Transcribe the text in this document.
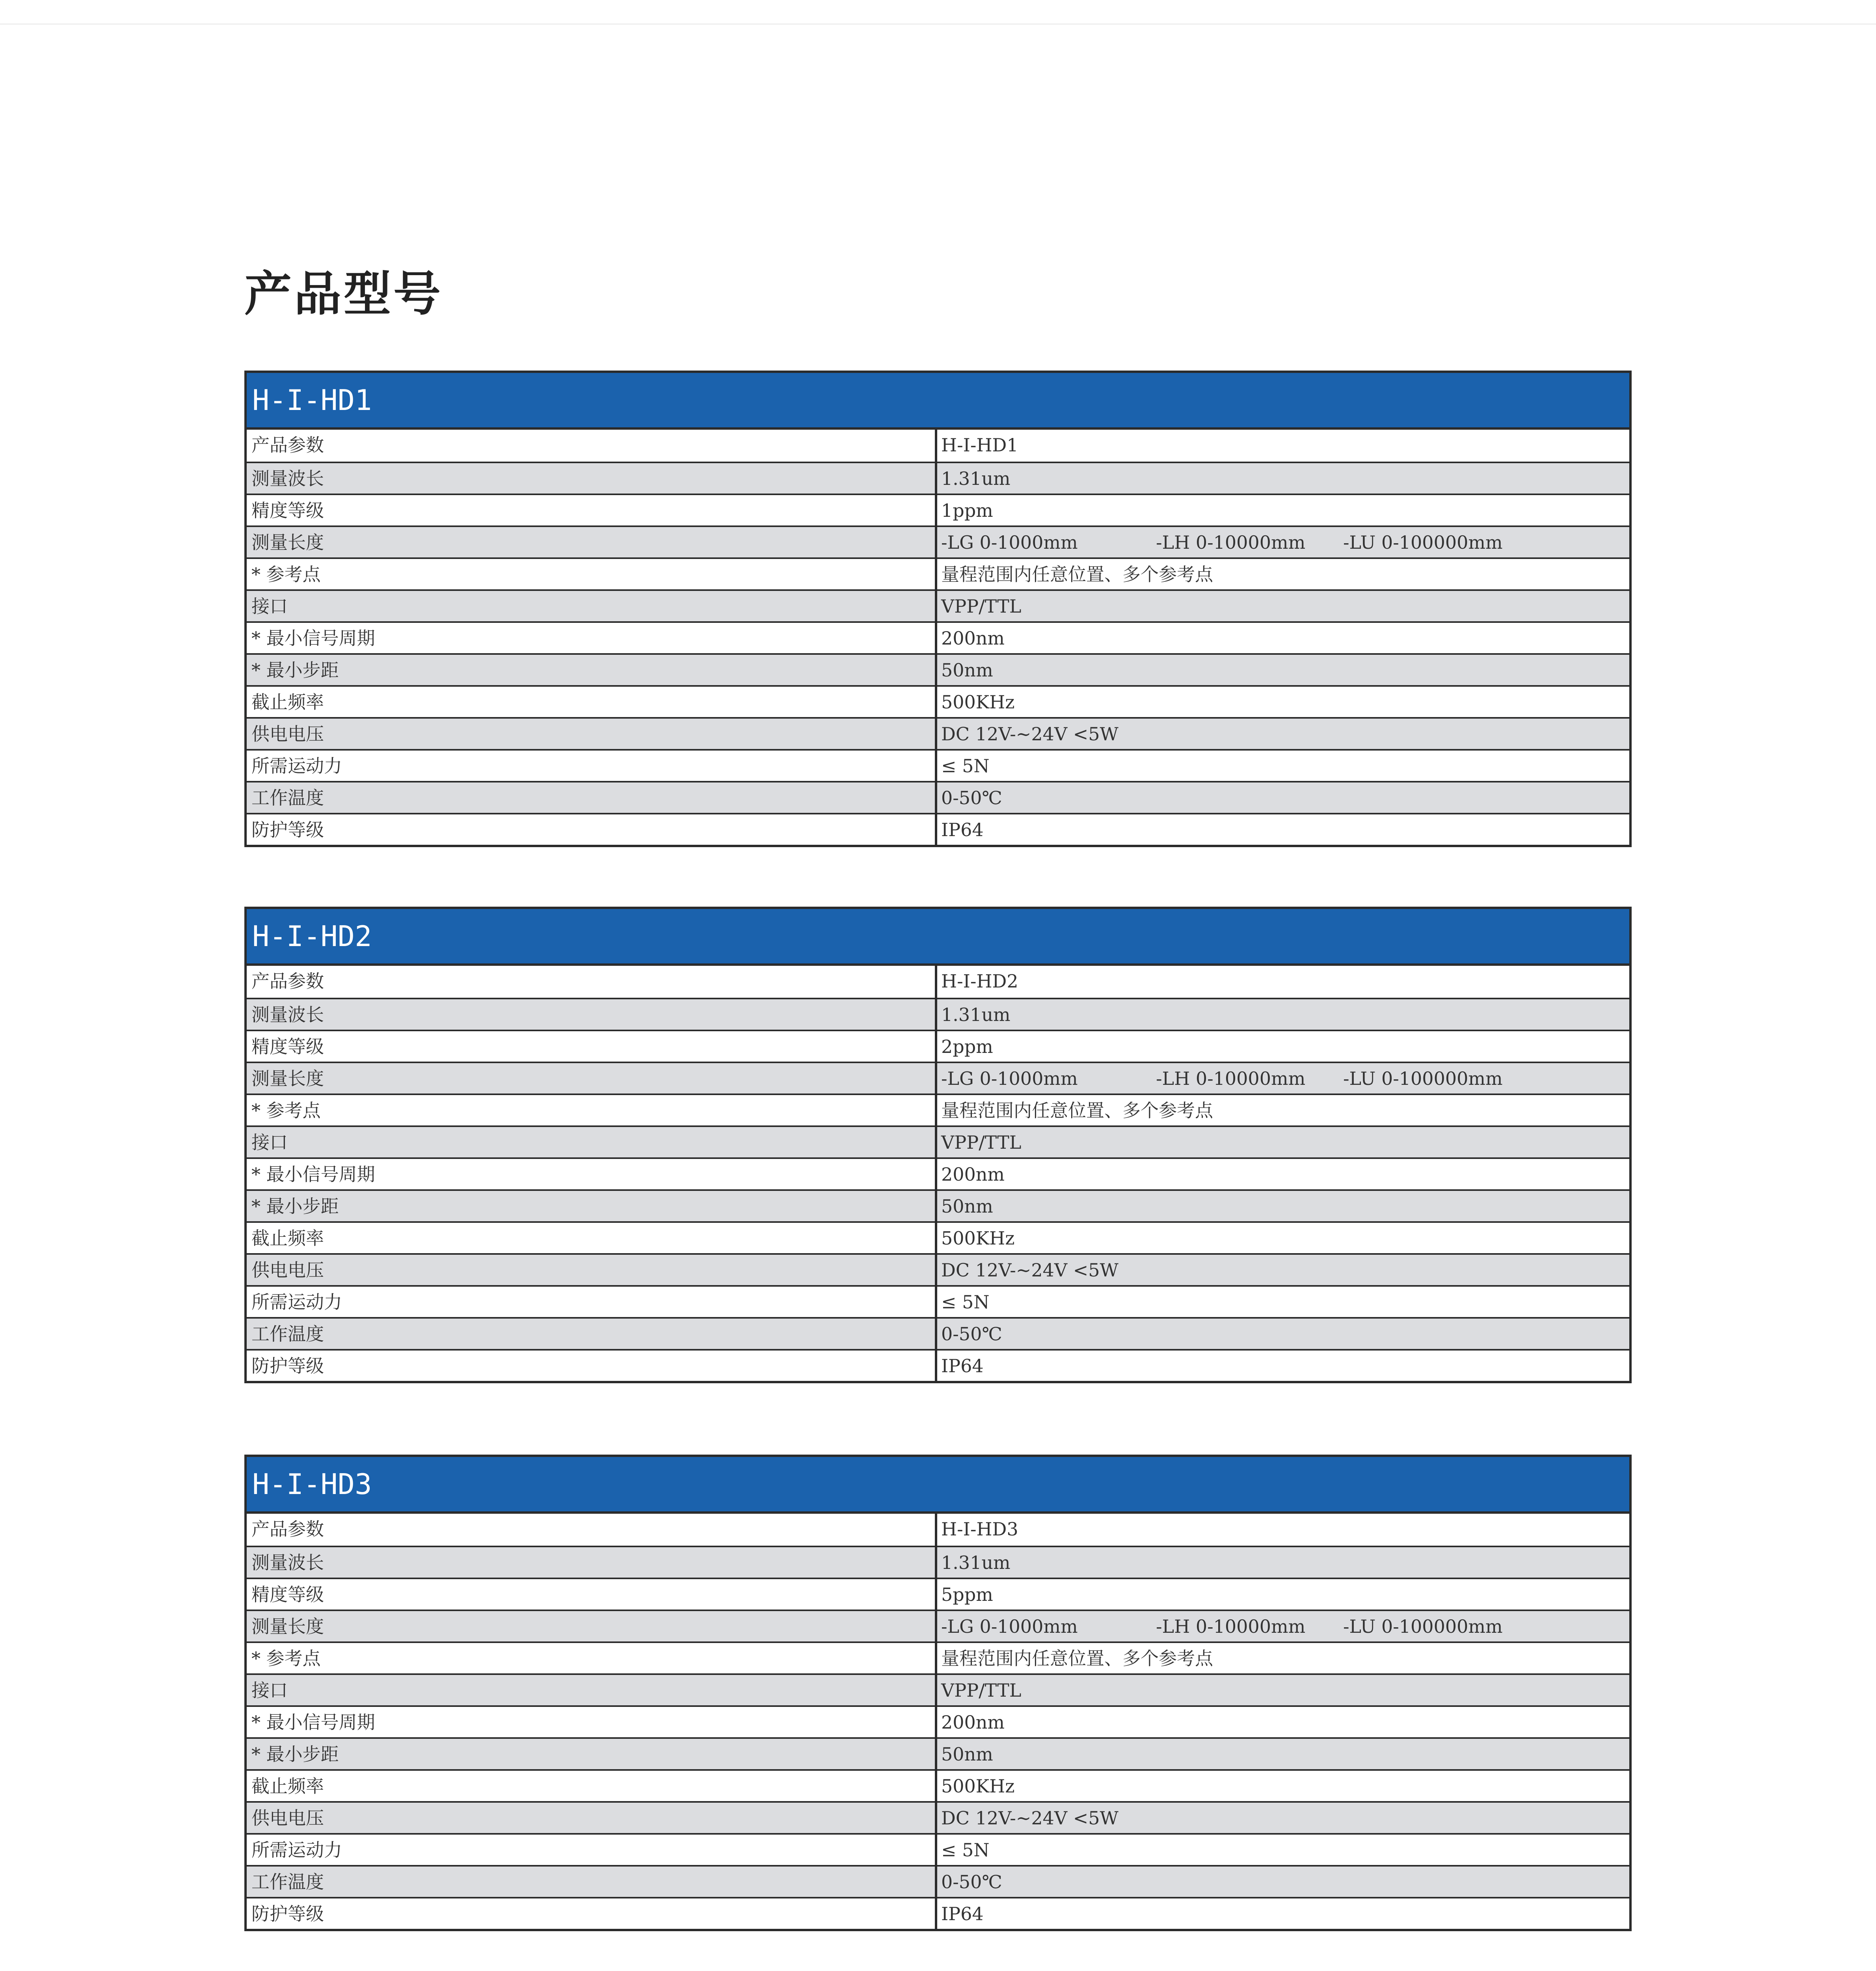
产品型号
H-I-HD1
产品参数	H-I-HD1
测量波长	1.31um
精度等级	1ppm
测量长度	-LG 0-1000mm	-LH 0-10000mm	-LU 0-100000mm
* 参考点	量程范围内任意位置、多个参考点
接口	VPP/TTL
* 最小信号周期	200nm
* 最小步距	50nm
截止频率	500KHz
供电电压	DC 12V-~24V <5W
所需运动力	≤ 5N
工作温度	0-50℃
防护等级	IP64
H-I-HD2
产品参数	H-I-HD2
测量波长	1.31um
精度等级	2ppm
测量长度	-LG 0-1000mm	-LH 0-10000mm	-LU 0-100000mm
* 参考点	量程范围内任意位置、多个参考点
接口	VPP/TTL
* 最小信号周期	200nm
* 最小步距	50nm
截止频率	500KHz
供电电压	DC 12V-~24V <5W
所需运动力	≤ 5N
工作温度	0-50℃
防护等级	IP64
H-I-HD3
产品参数	H-I-HD3
测量波长	1.31um
精度等级	5ppm
测量长度	-LG 0-1000mm	-LH 0-10000mm	-LU 0-100000mm
* 参考点	量程范围内任意位置、多个参考点
接口	VPP/TTL
* 最小信号周期	200nm
* 最小步距	50nm
截止频率	500KHz
供电电压	DC 12V-~24V <5W
所需运动力	≤ 5N
工作温度	0-50℃
防护等级	IP64
